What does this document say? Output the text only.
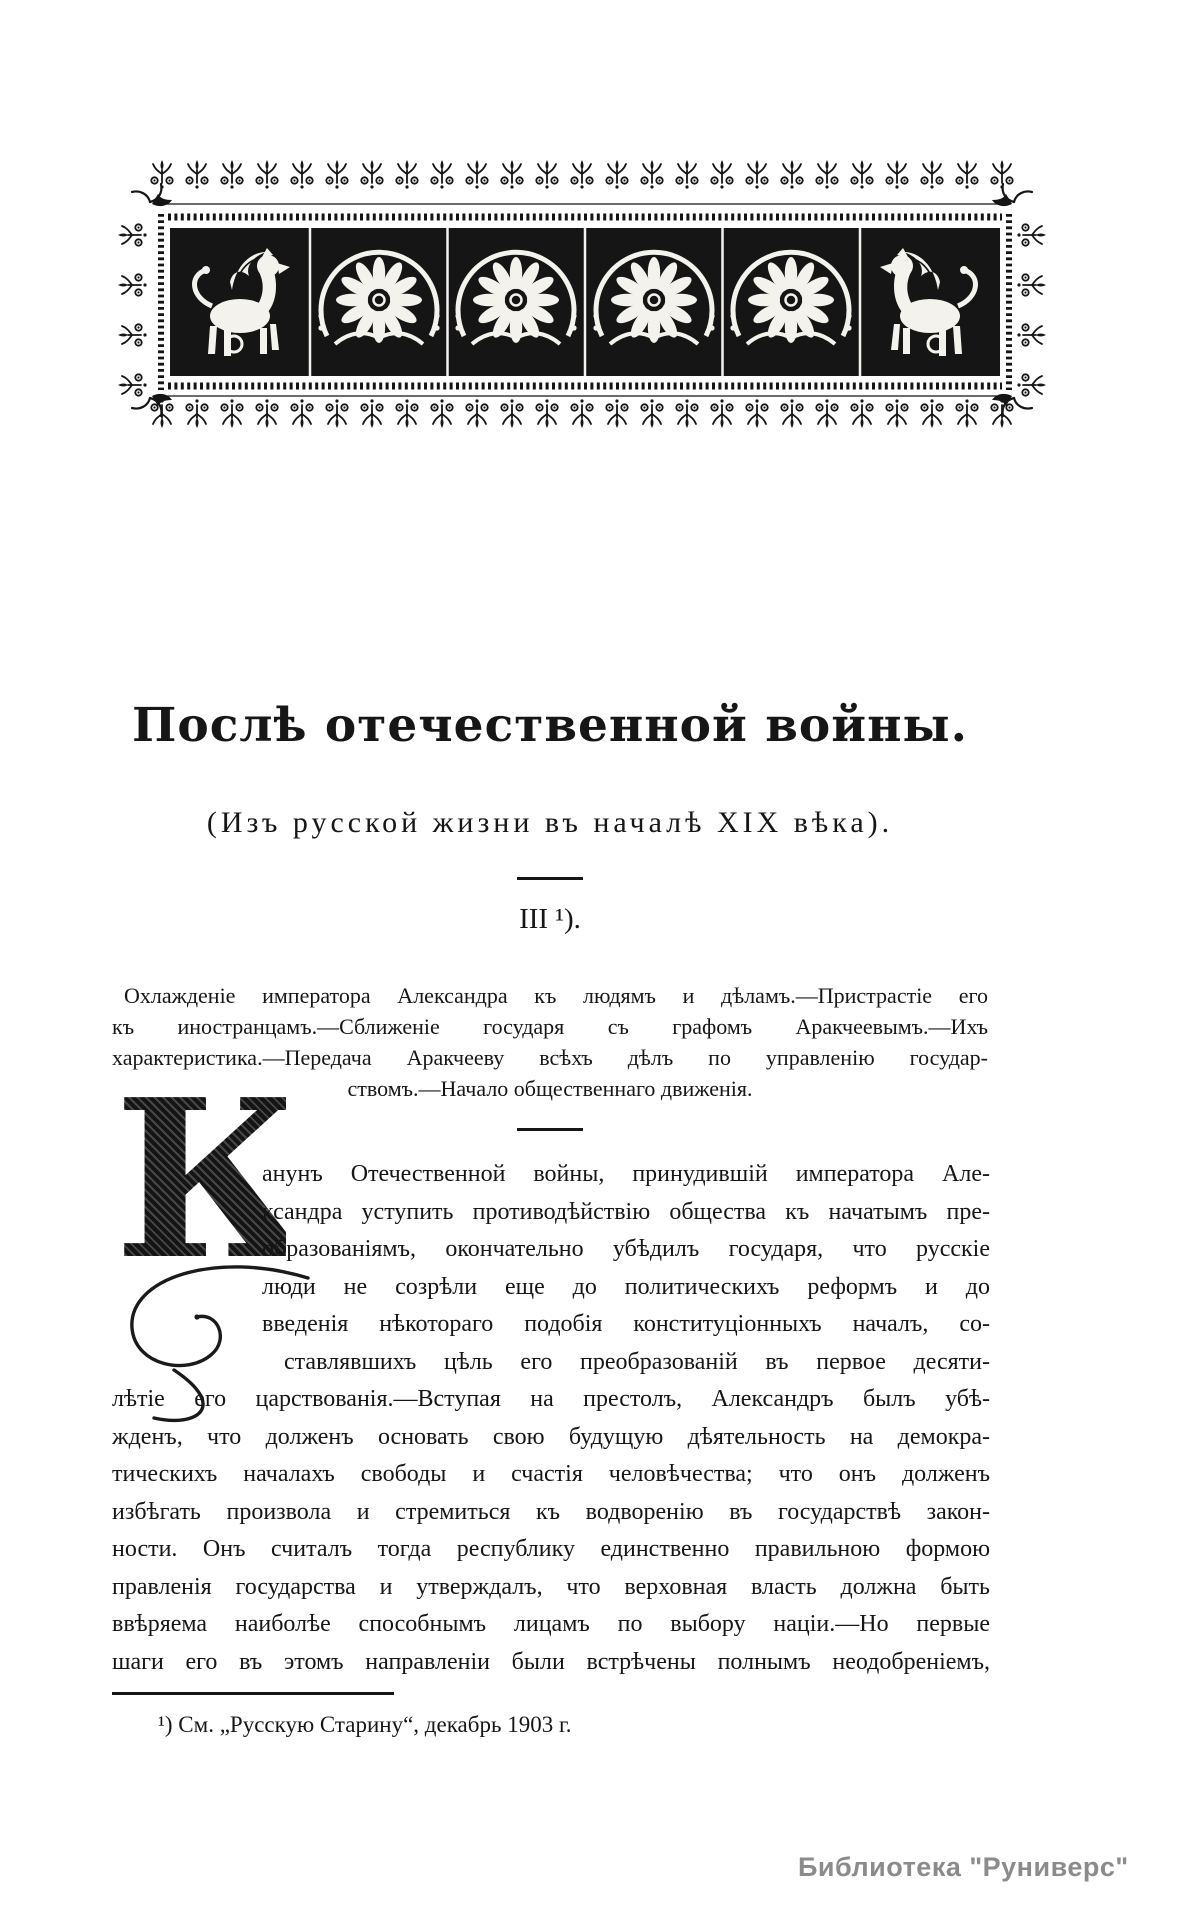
Послѣ отечественной войны.
(Изъ русской жизни въ началѣ XIX вѣка).
III ¹).
Охлажденіе императора Александра къ людямъ и дѣламъ.—Пристрастіе его
къ иностранцамъ.—Сближеніе государя съ графомъ Аракчеевымъ.—Ихъ
характеристика.—Передача Аракчееву всѣхъ дѣлъ по управленію государ-
ствомъ.—Начало общественнаго движенія.
К
анунъ Отечественной войны, принудившій императора Але-
ксандра уступить противодѣйствію общества къ начатымъ пре-
образованіямъ, окончательно убѣдилъ государя, что русскіе
люди не созрѣли еще до политическихъ реформъ и до
введенія нѣкотораго подобія конституціонныхъ началъ, со-
ставлявшихъ цѣль его преобразованій въ первое десяти-
лѣтіе его царствованія.—Вступая на престолъ, Александръ былъ убѣ-
жденъ, что долженъ основать свою будущую дѣятельность на демокра-
тическихъ началахъ свободы и счастія человѣчества; что онъ долженъ
избѣгать произвола и стремиться къ водворенію въ государствѣ закон-
ности. Онъ считалъ тогда республику единственно правильною формою
правленія государства и утверждалъ, что верховная власть должна быть
ввѣряема наиболѣе способнымъ лицамъ по выбору націи.—Но первые
шаги его въ этомъ направленіи были встрѣчены полнымъ неодобреніемъ,
¹) См. „Русскую Старину“, декабрь 1903 г.
Библиотека "Руниверс"
